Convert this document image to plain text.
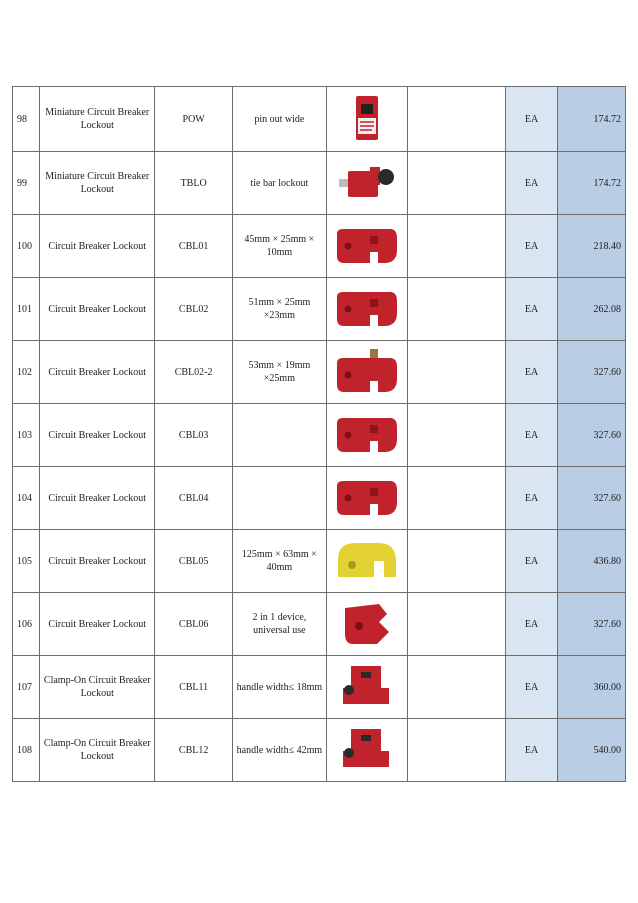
98	Miniature Circuit Breaker Lockout	POW	pin out wide			EA	174.72
99	Miniature Circuit Breaker Lockout	TBLO	tie bar lockout			EA	174.72
100	Circuit Breaker Lockout	CBL01	45mm × 25mm × 10mm			EA	218.40
101	Circuit Breaker Lockout	CBL02	51mm × 25mm ×23mm			EA	262.08
102	Circuit Breaker Lockout	CBL02-2	53mm × 19mm ×25mm			EA	327.60
103	Circuit Breaker Lockout	CBL03				EA	327.60
104	Circuit Breaker Lockout	CBL04				EA	327.60
105	Circuit Breaker Lockout	CBL05	125mm × 63mm × 40mm			EA	436.80
106	Circuit Breaker Lockout	CBL06	2 in 1 device, universal use			EA	327.60
107	Clamp-On Circuit Breaker Lockout	CBL11	handle width≤ 18mm			EA	360.00
108	Clamp-On Circuit Breaker Lockout	CBL12	handle width≤ 42mm			EA	540.00
